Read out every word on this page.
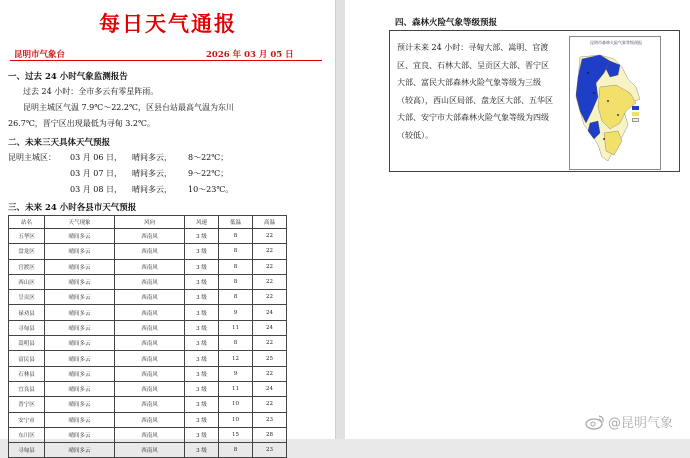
每日天气通报
昆明市气象台	2026 年 03 月 05 日
一、过去 24 小时气象监测报告
过去 24 小时：全市多云有零星阵雨。
昆明主城区气温 7.9℃～22.2℃，区县台站最高气温为东川
26.7℃，晋宁区出现最低为寻甸 3.2℃。
二、未来三天具体天气预报
昆明主城区： 03 月 06 日， 晴间多云， 8～22℃；
03 月 07 日， 晴间多云， 9～22℃；
03 月 08 日， 晴间多云， 10～23℃。
三、未来 24 小时各县市天气预报
站名	天气现象	风向	风速	低温	高温
五华区	晴间多云	西南风	3 级	8	22
盘龙区	晴间多云	西南风	3 级	8	22
官渡区	晴间多云	西南风	3 级	8	22
西山区	晴间多云	西南风	3 级	8	22
呈贡区	晴间多云	西南风	3 级	8	22
禄劝县	晴间多云	西南风	3 级	9	24
寻甸县	晴间多云	西南风	3 级	11	24
嵩明县	晴间多云	西南风	3 级	8	22
富民县	晴间多云	西南风	3 级	12	25
石林县	晴间多云	西南风	3 级	9	22
宜良县	晴间多云	西南风	3 级	11	24
晋宁区	晴间多云	西南风	3 级	10	22
安宁市	晴间多云	西南风	3 级	10	23
东川区	晴间多云	西南风	3 级	15	28
寻甸县	晴间多云	西南风	3 级	8	23
四、森林火险气象等级预报
预计未来 24 小时：寻甸大部、嵩明、官渡区、宜良、石林大部、呈贡区大部、晋宁区大部、富民大部森林火险气象等级为三级（较高），西山区局部、盘龙区大部、五华区大部、安宁市大部森林火险气象等级为四级（较低）。
昆明市森林火险气象等级预报
@昆明气象
